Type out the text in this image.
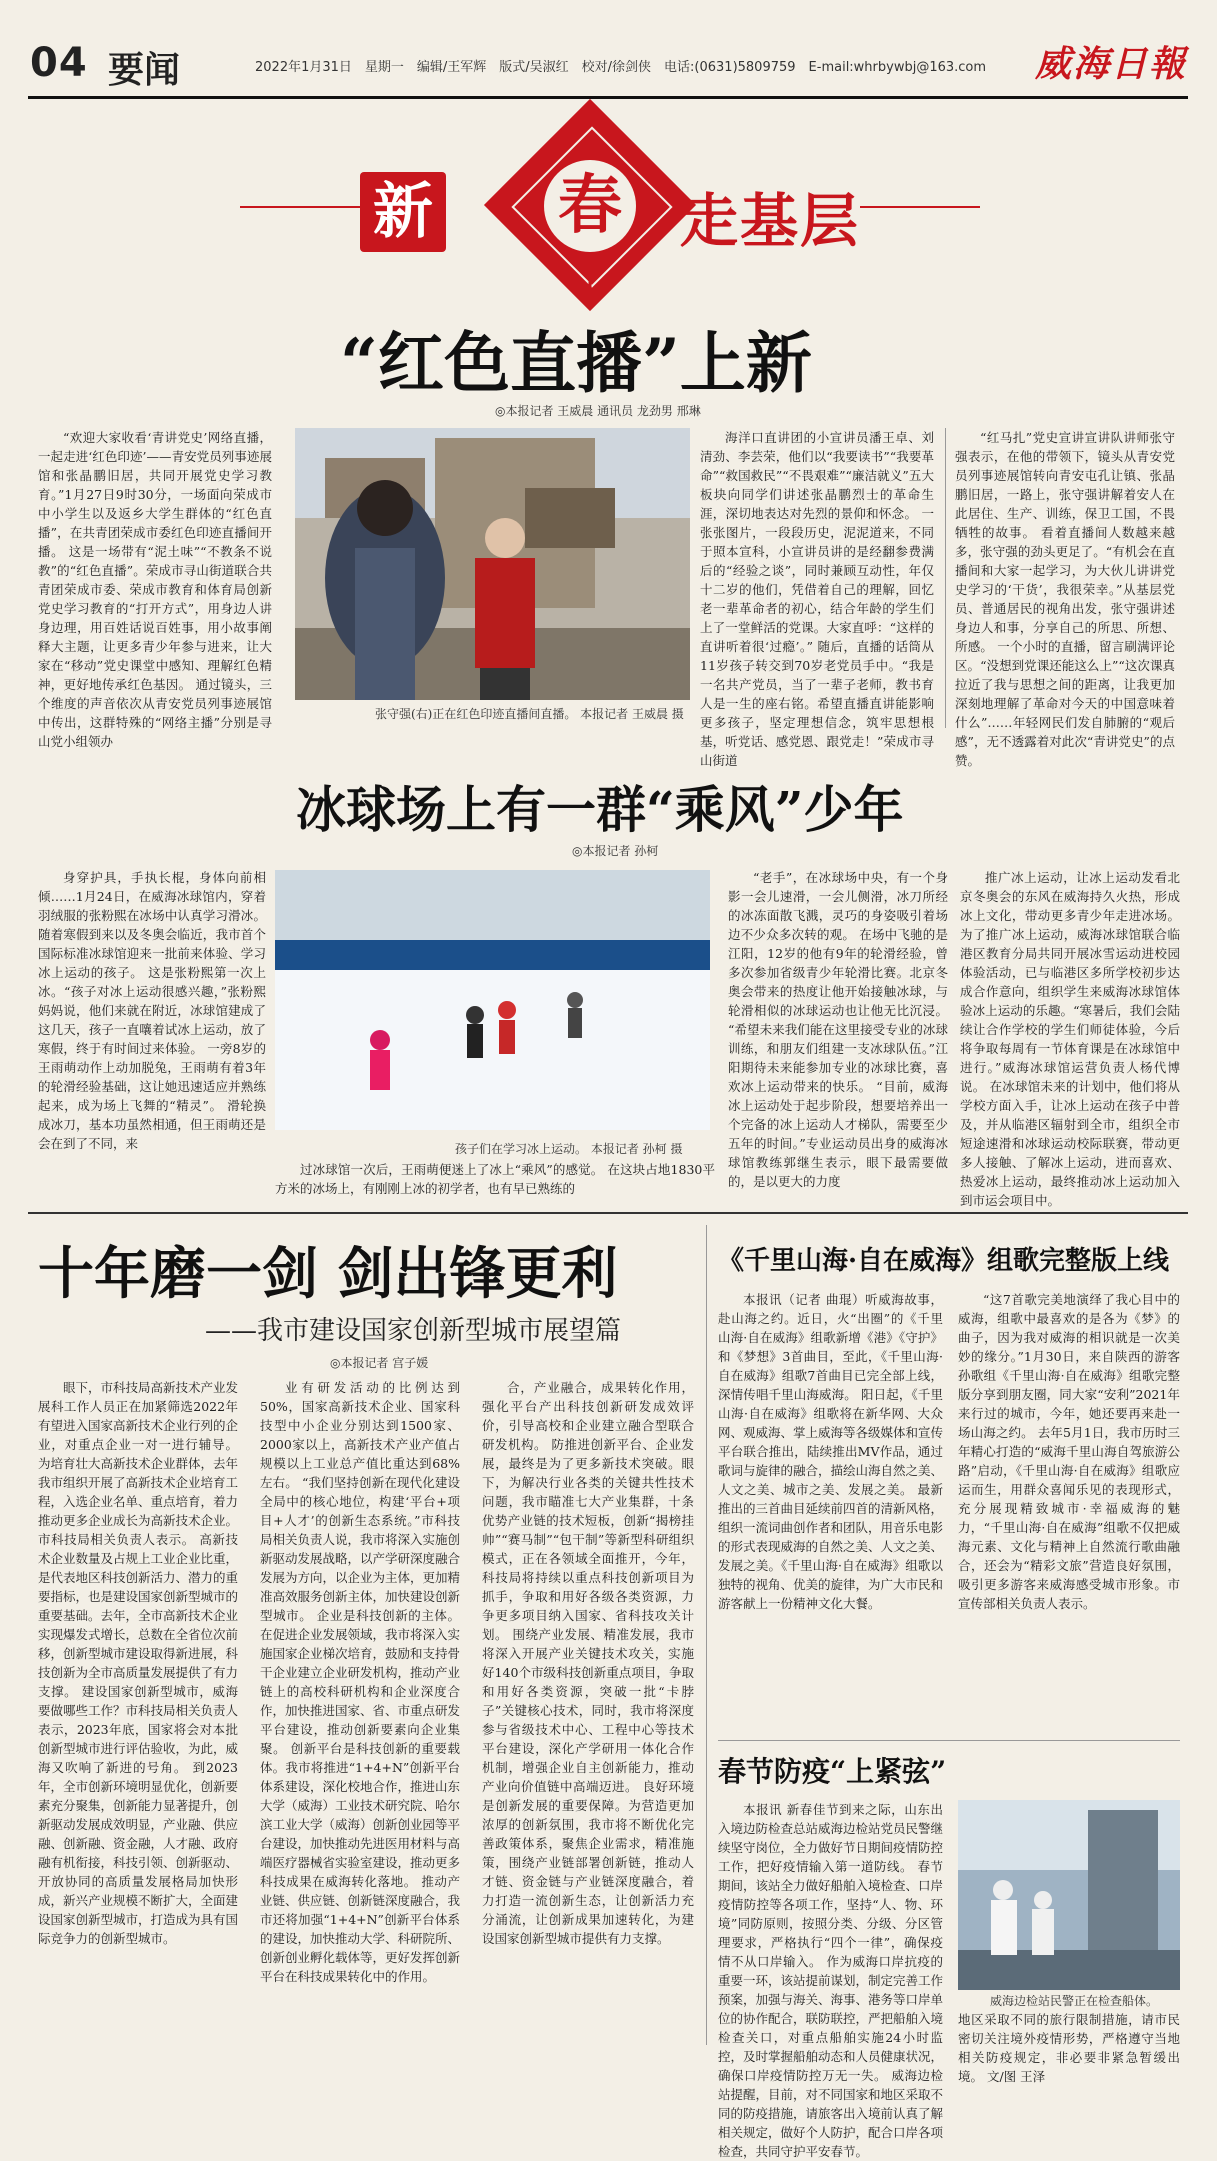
04 要闻	2022年1月31日　星期一　编辑/王军辉　版式/吴淑红　校对/徐剑侠　电话:(0631)5809759　E-mail:whrbywbj@163.com 威海日報
春
新	走基层
“红色直播”上新
◎本报记者 王威晨 通讯员 龙劲男 邢琳
“欢迎大家收看‘青讲党史’网络直播，一起走进‘红色印迹’——青安党员列事迹展馆和张晶鹏旧居，共同开展党史学习教育。”1月27日9时30分，一场面向荣成市中小学生以及返乡大学生群体的“红色直播”，在共青团荣成市委红色印迹直播间开播。 这是一场带有“泥土味”“不教条不说教”的“红色直播”。荣成市寻山街道联合共青团荣成市委、荣成市教育和体育局创新党史学习教育的“打开方式”，用身边人讲身边理，用百姓话说百姓事，用小故事阐释大主题，让更多青少年参与进来，让大家在“移动”党史课堂中感知、理解红色精神，更好地传承红色基因。 通过镜头，三个维度的声音依次从青安党员列事迹展馆中传出，这群特殊的“网络主播”分别是寻山党小组领办
张守强(右)正在红色印迹直播间直播。 本报记者 王威晨 摄
海洋口直讲团的小宣讲员潘王卓、刘清劲、李芸荣，他们以“我要读书”“我要革命”“救国救民”“不畏艰难”“廉洁就义”五大板块向同学们讲述张晶鹏烈士的革命生涯，深切地表达对先烈的景仰和怀念。 一张张图片，一段段历史，泥泥道来，不同于照本宣科，小宣讲员讲的是经翻参费满后的“经验之谈”，同时兼顾互动性，年仅十二岁的他们，凭借着自己的理解，回忆老一辈革命者的初心，结合年龄的学生们上了一堂鲜活的党课。大家直呼：“这样的直讲听着很‘过瘾’。” 随后，直播的话筒从11岁孩子转交到70岁老党员手中。“我是一名共产党员，当了一辈子老师，教书育人是一生的座右铭。希望直播直讲能影响更多孩子，坚定理想信念，筑牢思想根基，听党话、感党恩、跟党走！”荣成市寻山街道
“红马扎”党史宣讲宣讲队讲师张守强表示，在他的带领下，镜头从青安党员列事迹展馆转向青安屯孔让镇、张晶鹏旧居，一路上，张守强讲解着安人在此居住、生产、训练，保卫工国，不畏牺牲的故事。 看着直播间人数越来越多，张守强的劲头更足了。“有机会在直播间和大家一起学习，为大伙儿讲讲党史学习的‘干货’，我很荣幸。”从基层党员、普通居民的视角出发，张守强讲述身边人和事，分享自己的所思、所想、所感。 一个小时的直播，留言刷满评论区。“没想到党课还能这么上”“这次课真拉近了我与思想之间的距离，让我更加深刻地理解了革命对今天的中国意味着什么”……年轻网民们发自肺腑的“观后感”，无不透露着对此次“青讲党史”的点赞。
冰球场上有一群“乘风”少年
◎本报记者 孙柯
身穿护具，手执长棍，身体向前相倾……1月24日，在威海冰球馆内，穿着羽绒服的张粉熙在冰场中认真学习滑冰。 随着寒假到来以及冬奥会临近，我市首个国际标准冰球馆迎来一批前来体验、学习冰上运动的孩子。 这是张粉熙第一次上冰。“孩子对冰上运动很感兴趣，”张粉熙妈妈说，他们来就在附近，冰球馆建成了这几天，孩子一直嚷着试冰上运动，放了寒假，终于有时间过来体验。 一旁8岁的王雨萌动作上动加脱兔，王雨萌有着3年的轮滑经验基础，这让她迅速适应并熟练起来，成为场上飞舞的“精灵”。 滑轮换成冰刀，基本功虽然相通，但王雨萌还是会在到了不同，来	孩子们在学习冰上运动。 本报记者 孙柯 摄
过冰球馆一次后，王雨萌便迷上了冰上“乘风”的感觉。 在这块占地1830平方米的冰场上，有刚刚上冰的初学者，也有早已熟练的
“老手”，在冰球场中央，有一个身影一会儿速滑，一会儿侧滑，冰刀所经的冰冻面散飞溅，灵巧的身姿吸引着场边不少众多次转的观。 在场中飞驰的是江阳，12岁的他有9年的轮滑经验，曾多次参加省级青少年轮滑比赛。北京冬奥会带来的热度让他开始接触冰球，与轮滑相似的冰球运动也让他无比沉浸。 “希望未来我们能在这里接受专业的冰球训练，和朋友们组建一支冰球队伍。”江阳期待未来能参加专业的冰球比赛，喜欢冰上运动带来的快乐。 “目前，威海冰上运动处于起步阶段，想要培养出一个完备的冰上运动人才梯队，需要至少五年的时间。”专业运动员出身的威海冰球馆教练郭继生表示，眼下最需要做的，是以更大的力度
推广冰上运动，让冰上运动发看北京冬奥会的东风在威海持久火热，形成冰上文化，带动更多青少年走进冰场。 为了推广冰上运动，威海冰球馆联合临港区教育分局共同开展冰雪运动进校园体验活动，已与临港区多所学校初步达成合作意向，组织学生来威海冰球馆体验冰上运动的乐趣。“寒暑后，我们会陆续让合作学校的学生们师徒体验，今后将争取每周有一节体育课是在冰球馆中进行。”威海冰球馆运营负责人杨代博说。 在冰球馆未来的计划中，他们将从学校方面入手，让冰上运动在孩子中普及，并从临港区辐射到全市，组织全市短途速滑和冰球运动校际联赛，带动更多人接触、了解冰上运动，进而喜欢、热爱冰上运动，最终推动冰上运动加入到市运会项目中。
十年磨一剑 剑出锋更利
——我市建设国家创新型城市展望篇
◎本报记者 宫子媛
眼下，市科技局高新技术产业发展科工作人员正在加紧筛选2022年有望进入国家高新技术企业行列的企业，对重点企业一对一进行辅导。 为培育壮大高新技术企业群体，去年我市组织开展了高新技术企业培育工程，入选企业名单、重点培育，着力推动更多企业成长为高新技术企业。市科技局相关负责人表示。 高新技术企业数量及占规上工业企业比重，是代表地区科技创新活力、潜力的重要指标，也是建设国家创新型城市的重要基础。去年，全市高新技术企业实现爆发式增长，总数在全省位次前移，创新型城市建设取得新进展，科技创新为全市高质量发展提供了有力支撑。 建设国家创新型城市，威海要做哪些工作？市科技局相关负责人表示，2023年底，国家将会对本批创新型城市进行评估验收，为此，威海又吹响了新进的号角。 到2023年，全市创新环境明显优化，创新要素充分聚集，创新能力显著提升，创新驱动发展成效明显，产业融、供应融、创新融、资金融，人才融、政府融有机衔接，科技引领、创新驱动、开放协同的高质量发展格局加快形成，新兴产业规模不断扩大，全面建设国家创新型城市，打造成为具有国际竞争力的创新型城市。
业有研发活动的比例达到50%，国家高新技术企业、国家科技型中小企业分别达到1500家、2000家以上，高新技术产业产值占规模以上工业总产值比重达到68%左右。 “我们坚持创新在现代化建设全局中的核心地位，构建‘平台+项目+人才’的创新生态系统。”市科技局相关负责人说，我市将深入实施创新驱动发展战略，以产学研深度融合发展为方向，以企业为主体，更加精准高效服务创新主体，加快建设创新型城市。 企业是科技创新的主体。在促进企业发展领域，我市将深入实施国家企业梯次培育，鼓励和支持骨干企业建立企业研发机构，推动产业链上的高校科研机构和企业深度合作，加快推进国家、省、市重点研发平台建设，推动创新要素向企业集聚。 创新平台是科技创新的重要载体。我市将推进“1+4+N”创新平台体系建设，深化校地合作，推进山东大学（威海）工业技术研究院、哈尔滨工业大学（威海）创新创业园等平台建设，加快推动先进医用材料与高端医疗器械省实验室建设，推动更多科技成果在威海转化落地。 推动产业链、供应链、创新链深度融合，我市还将加强“1+4+N”创新平台体系的建设，加快推动大学、科研院所、创新创业孵化载体等，更好发挥创新平台在科技成果转化中的作用。
合，产业融合，成果转化作用，强化平台产出科技创新研发成效评价，引导高校和企业建立融合型联合研发机构。 防推进创新平台、企业发展，最终是为了更多新技术突破。眼下，为解决行业各类的关键共性技术问题，我市瞄准七大产业集群，十条优势产业链的技术短板，创新“揭榜挂帅”“赛马制”“包干制”等新型科研组织模式，正在各领域全面推开，今年，科技局将持续以重点科技创新项目为抓手，争取和用好各级各类资源，力争更多项目纳入国家、省科技攻关计划。 围绕产业发展、精准发展，我市将深入开展产业关键技术攻关，实施好140个市级科技创新重点项目，争取和用好各类资源，突破一批“卡脖子”关键核心技术，同时，我市将深度参与省级技术中心、工程中心等技术平台建设，深化产学研用一体化合作机制，增强企业自主创新能力，推动产业向价值链中高端迈进。 良好环境是创新发展的重要保障。为营造更加浓厚的创新氛围，我市将不断优化完善政策体系，聚焦企业需求，精准施策，围绕产业链部署创新链，推动人才链、资金链与产业链深度融合，着力打造一流创新生态，让创新活力充分涌流，让创新成果加速转化，为建设国家创新型城市提供有力支撑。
《千里山海·自在威海》组歌完整版上线
本报讯（记者 曲琨）听威海故事，赴山海之约。近日，火“出圈”的《千里山海·自在威海》组歌新增《港》《守护》和《梦想》3首曲目，至此，《千里山海·自在威海》组歌7首曲目已完全部上线，深情传唱千里山海威海。 阳日起，《千里山海·自在威海》组歌将在新华网、大众网、观威海、掌上威海等各级媒体和宣传平台联合推出，陆续推出MV作品，通过歌词与旋律的融合，描绘山海自然之美、人文之美、城市之美、发展之美。 最新推出的三首曲目延续前四首的清新风格，组织一流词曲创作者和团队，用音乐电影的形式表现威海的自然之美、人文之美、发展之美。《千里山海·自在威海》组歌以独特的视角、优美的旋律，为广大市民和游客献上一份精神文化大餐。
“这7首歌完美地演绎了我心目中的威海，组歌中最喜欢的是各为《梦》的曲子，因为我对威海的相识就是一次美妙的缘分。”1月30日，来自陕西的游客孙歌组《千里山海·自在威海》组歌完整版分享到朋友圈，同大家“安利”2021年来行过的城市，今年，她还要再来赴一场山海之约。 去年5月1日，我市历时三年精心打造的“威海千里山海自驾旅游公路”启动，《千里山海·自在威海》组歌应运而生，用群众喜闻乐见的表现形式，充分展现精致城市·幸福威海的魅力，“千里山海·自在威海”组歌不仅把威海元素、文化与精神上自然流行歌曲融合，还会为“精彩文旅”营造良好氛围，吸引更多游客来威海感受城市形象。市宣传部相关负责人表示。
春节防疫“上紧弦”
本报讯 新春佳节到来之际，山东出入境边防检查总站威海边检站党员民警继续坚守岗位，全力做好节日期间疫情防控工作，把好疫情输入第一道防线。 春节期间，该站全力做好船舶入境检查、口岸疫情防控等各项工作，坚持“人、物、环境”同防原则，按照分类、分级、分区管理要求，严格执行“四个一律”，确保疫情不从口岸输入。 作为威海口岸抗疫的重要一环，该站提前谋划，制定完善工作预案，加强与海关、海事、港务等口岸单位的协作配合，联防联控，严把船舶入境检查关口，对重点船舶实施24小时监控，及时掌握船舶动态和人员健康状况，确保口岸疫情防控万无一失。 威海边检站提醒，目前，对不同国家和地区采取不同的防疫措施，请旅客出入境前认真了解相关规定，做好个人防护，配合口岸各项检查，共同守护平安春节。
威海边检站民警正在检查船体。
地区采取不同的旅行限制措施，请市民密切关注境外疫情形势，严格遵守当地相关防疫规定，非必要非紧急暂缓出境。 文/图 王泽
